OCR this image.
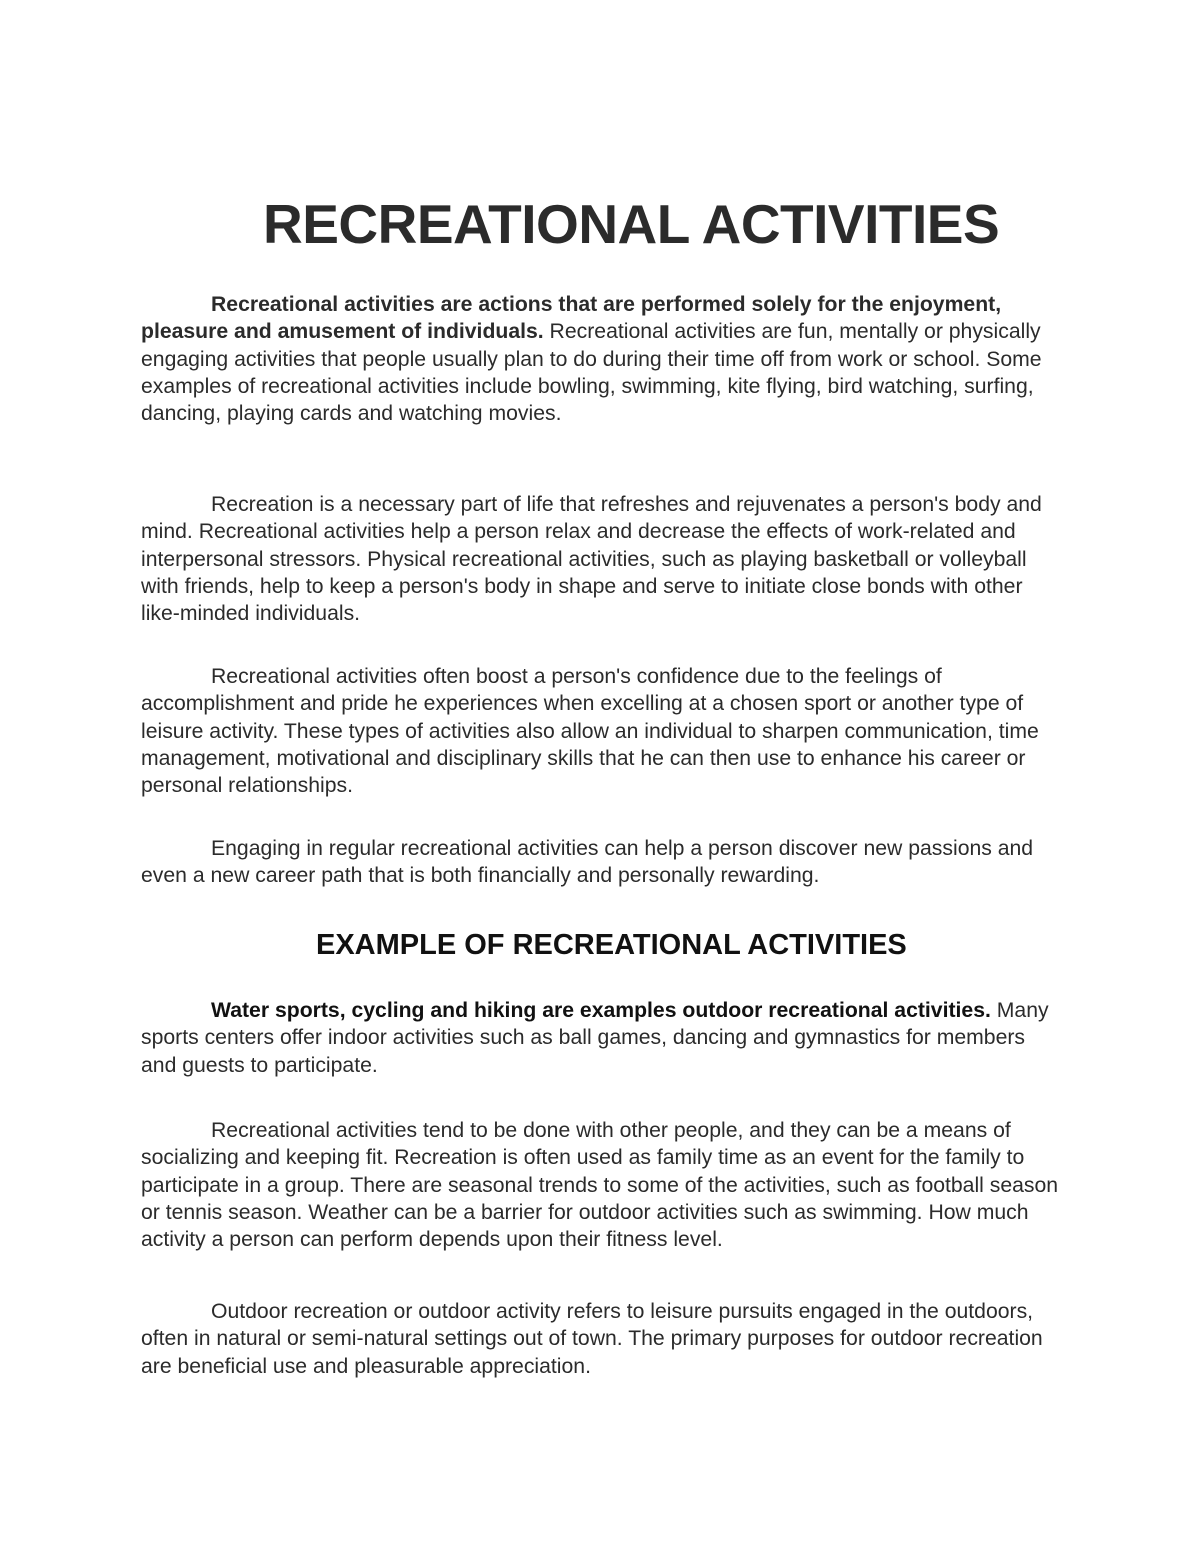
RECREATIONAL ACTIVITIES

Recreational activities are actions that are performed solely for the enjoyment, pleasure and amusement of individuals. Recreational activities are fun, mentally or physically engaging activities that people usually plan to do during their time off from work or school. Some examples of recreational activities include bowling, swimming, kite flying, bird watching, surfing, dancing, playing cards and watching movies.

Recreation is a necessary part of life that refreshes and rejuvenates a person's body and mind. Recreational activities help a person relax and decrease the effects of work-related and interpersonal stressors. Physical recreational activities, such as playing basketball or volleyball with friends, help to keep a person's body in shape and serve to initiate close bonds with other like-minded individuals.

Recreational activities often boost a person's confidence due to the feelings of accomplishment and pride he experiences when excelling at a chosen sport or another type of leisure activity. These types of activities also allow an individual to sharpen communication, time management, motivational and disciplinary skills that he can then use to enhance his career or personal relationships.

Engaging in regular recreational activities can help a person discover new passions and even a new career path that is both financially and personally rewarding.

EXAMPLE OF RECREATIONAL ACTIVITIES

Water sports, cycling and hiking are examples outdoor recreational activities. Many sports centers offer indoor activities such as ball games, dancing and gymnastics for members and guests to participate.

Recreational activities tend to be done with other people, and they can be a means of socializing and keeping fit. Recreation is often used as family time as an event for the family to participate in a group. There are seasonal trends to some of the activities, such as football season or tennis season. Weather can be a barrier for outdoor activities such as swimming. How much activity a person can perform depends upon their fitness level.

Outdoor recreation or outdoor activity refers to leisure pursuits engaged in the outdoors, often in natural or semi-natural settings out of town. The primary purposes for outdoor recreation are beneficial use and pleasurable appreciation.
